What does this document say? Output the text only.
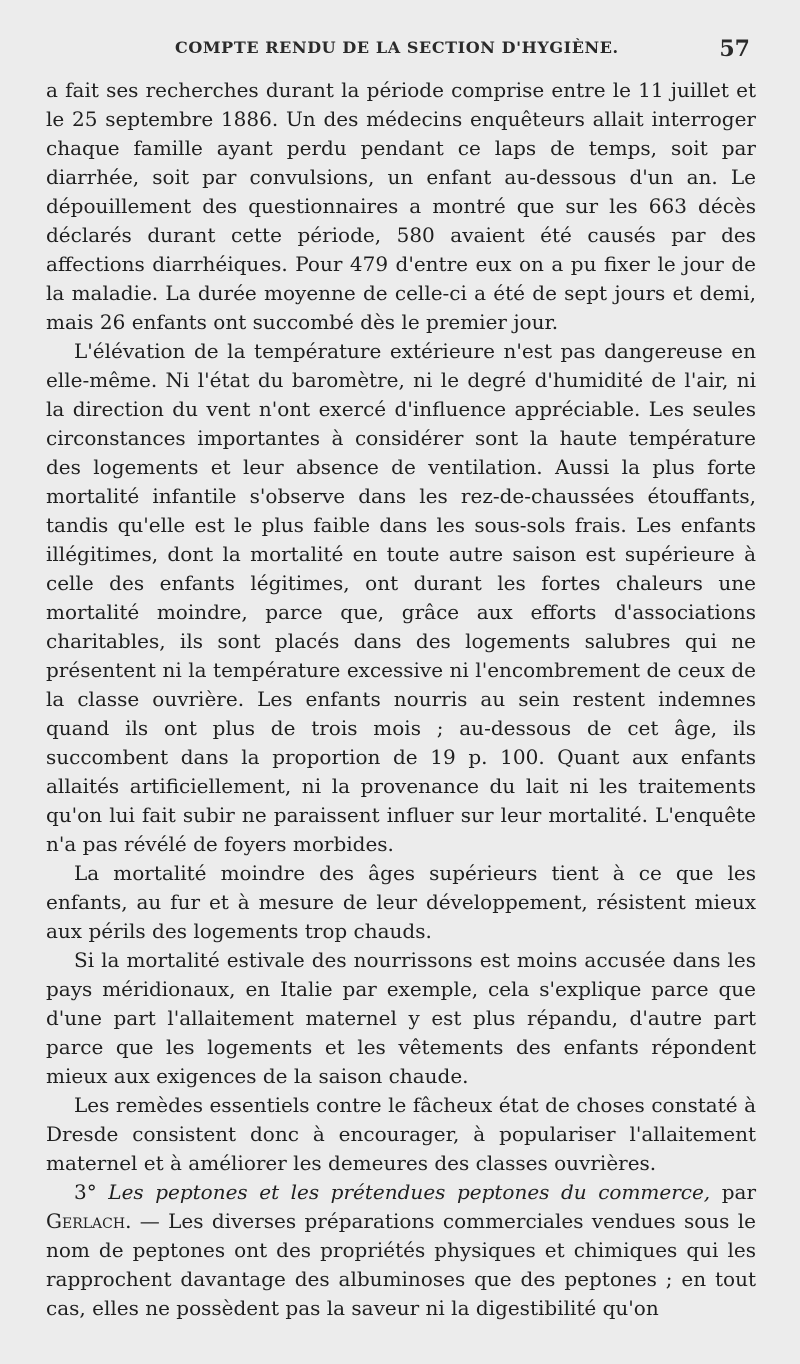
COMPTE RENDU DE LA SECTION D'HYGIÈNE.	57

a fait ses recherches durant la période comprise entre le 11 juillet et le 25 septembre 1886. Un des médecins enquêteurs allait interroger chaque famille ayant perdu pendant ce laps de temps, soit par diarrhée, soit par convulsions, un enfant au-dessous d'un an. Le dépouillement des questionnaires a montré que sur les 663 décès déclarés durant cette période, 580 avaient été causés par des affections diarrhéiques. Pour 479 d'entre eux on a pu fixer le jour de la maladie. La durée moyenne de celle-ci a été de sept jours et demi, mais 26 enfants ont succombé dès le premier jour.

L'élévation de la température extérieure n'est pas dangereuse en elle-même. Ni l'état du baromètre, ni le degré d'humidité de l'air, ni la direction du vent n'ont exercé d'influence appréciable. Les seules circonstances importantes à considérer sont la haute température des logements et leur absence de ventilation. Aussi la plus forte mortalité infantile s'observe dans les rez-de-chaussées étouffants, tandis qu'elle est le plus faible dans les sous-sols frais. Les enfants illégitimes, dont la mortalité en toute autre saison est supérieure à celle des enfants légitimes, ont durant les fortes chaleurs une mortalité moindre, parce que, grâce aux efforts d'associations charitables, ils sont placés dans des logements salubres qui ne présentent ni la température excessive ni l'encombrement de ceux de la classe ouvrière. Les enfants nourris au sein restent indemnes quand ils ont plus de trois mois ; au-dessous de cet âge, ils succombent dans la proportion de 19 p. 100. Quant aux enfants allaités artificiellement, ni la provenance du lait ni les traitements qu'on lui fait subir ne paraissent influer sur leur mortalité. L'enquête n'a pas révélé de foyers morbides.

La mortalité moindre des âges supérieurs tient à ce que les enfants, au fur et à mesure de leur développement, résistent mieux aux périls des logements trop chauds.

Si la mortalité estivale des nourrissons est moins accusée dans les pays méridionaux, en Italie par exemple, cela s'explique parce que d'une part l'allaitement maternel y est plus répandu, d'autre part parce que les logements et les vêtements des enfants répondent mieux aux exigences de la saison chaude.

Les remèdes essentiels contre le fâcheux état de choses constaté à Dresde consistent donc à encourager, à populariser l'allaitement maternel et à améliorer les demeures des classes ouvrières.

3° Les peptones et les prétendues peptones du commerce, par Gerlach. — Les diverses préparations commerciales vendues sous le nom de peptones ont des propriétés physiques et chimiques qui les rapprochent davantage des albuminoses que des peptones ; en tout cas, elles ne possèdent pas la saveur ni la digestibilité qu'on
